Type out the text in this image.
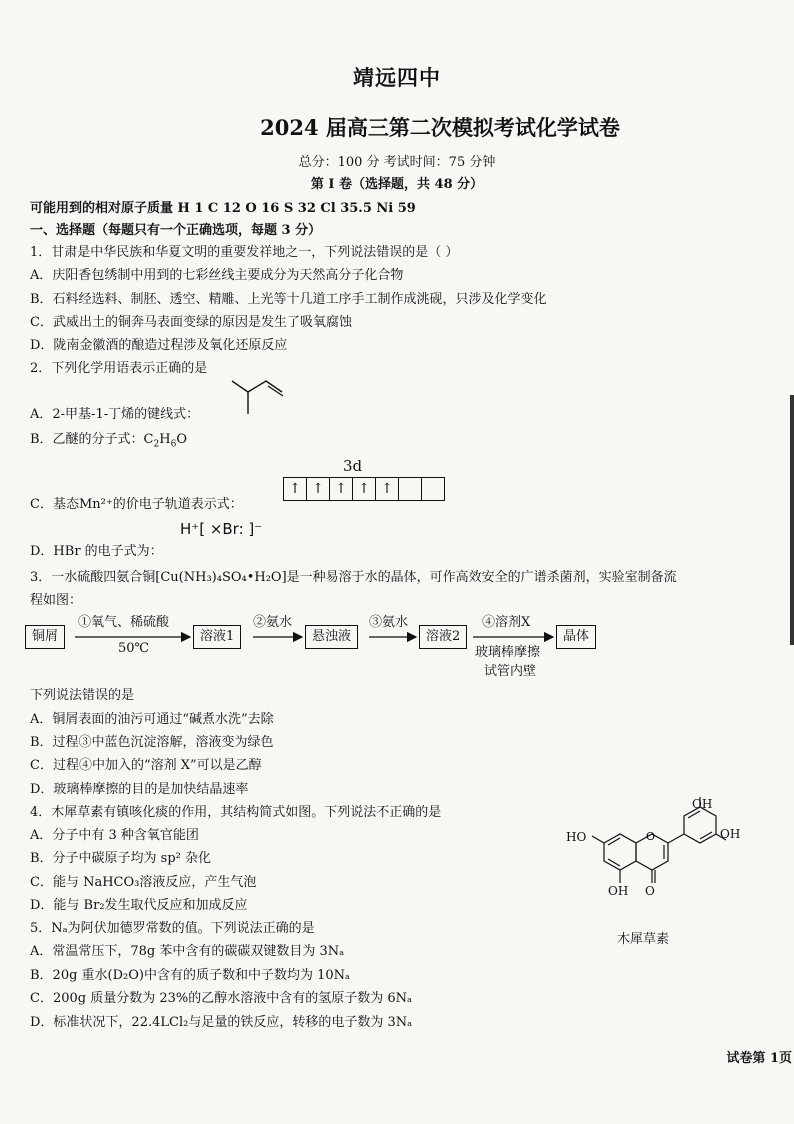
靖远四中
2024 届高三第二次模拟考试化学试卷
总分：100 分 考试时间：75 分钟
第 I 卷（选择题，共 48 分）
可能用到的相对原子质量 H 1 C 12 O 16 S 32 Cl 35.5 Ni 59
一、选择题（每题只有一个正确选项，每题 3 分）
1．甘肃是中华民族和华夏文明的重要发祥地之一，下列说法错误的是（ ）
A．庆阳香包绣制中用到的七彩丝线主要成分为天然高分子化合物
B．石料经选料、制胚、透空、精雕、上光等十几道工序手工制作成洮砚，只涉及化学变化
C．武威出土的铜奔马表面变绿的原因是发生了吸氧腐蚀
D．陇南金徽酒的酿造过程涉及氧化还原反应
2．下列化学用语表示正确的是
A．2-甲基-1-丁烯的键线式：
B．乙醚的分子式：$C_2H_6O$
3d
↑ ↑ ↑ ↑ ↑
C．基态Mn²⁺的价电子轨道表示式：
H⁺[ ×Br: ]⁻
D．HBr 的电子式为：
3．一水硫酸四氨合铜[Cu(NH₃)₄SO₄•H₂O]是一种易溶于水的晶体，可作高效安全的广谱杀菌剂，实验室制备流
程如图：
铜屑	溶液1	悬浊液	溶液2	晶体
①氧气、稀硫酸
50℃
②氨水	③氨水	④溶剂X
玻璃棒摩擦
试管内壁
下列说法错误的是
A．铜屑表面的油污可通过“碱煮水洗”去除
B．过程③中蓝色沉淀溶解，溶液变为绿色
C．过程④中加入的“溶剂 X”可以是乙醇
D．玻璃棒摩擦的目的是加快结晶速率
4．木犀草素有镇咳化痰的作用，其结构简式如图。下列说法不正确的是
A．分子中有 3 种含氧官能团
B．分子中碳原子均为 sp² 杂化
C．能与 NaHCO₃溶液反应，产生气泡
D．能与 Br₂发生取代反应和加成反应
O
OH
OH
HO
OH O
木犀草素
5．Nₐ为阿伏加德罗常数的值。下列说法正确的是
A．常温常压下，78g 苯中含有的碳碳双键数目为 3Nₐ
B．20g 重水(D₂O)中含有的质子数和中子数均为 10Nₐ
C．200g 质量分数为 23%的乙醇水溶液中含有的氢原子数为 6Nₐ
D．标准状况下，22.4LCl₂与足量的铁反应，转移的电子数为 3Nₐ
试卷第 1页
